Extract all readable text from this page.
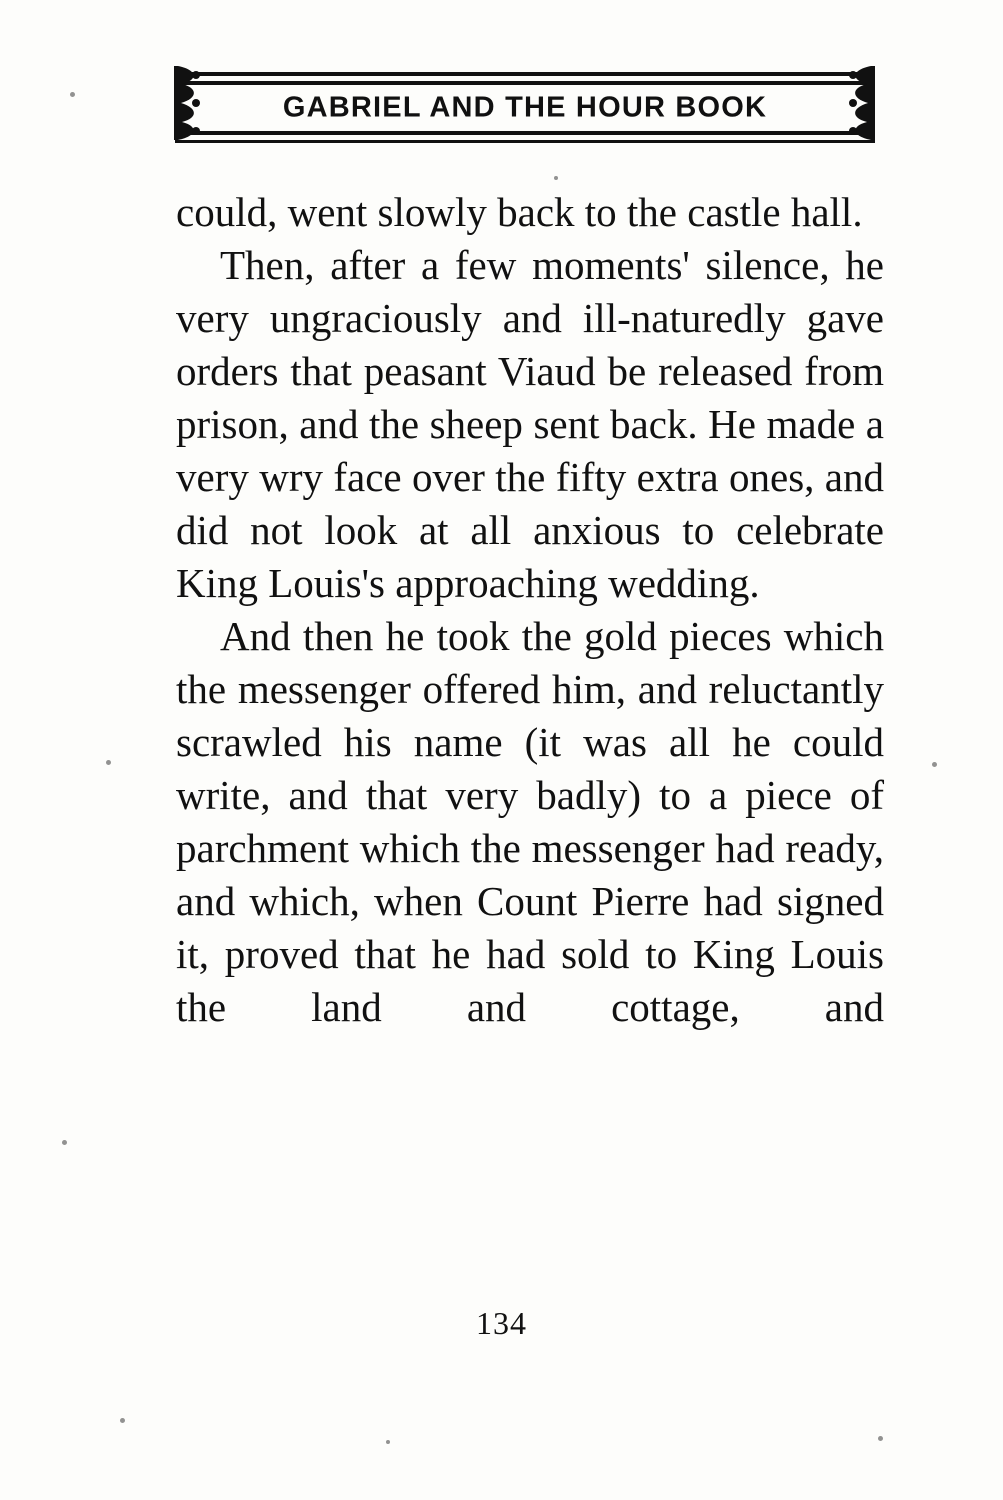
GABRIEL AND THE HOUR BOOK

could, went slowly back to the castle hall.

Then, after a few moments' silence, he very ungraciously and ill-naturedly gave orders that peasant Viaud be released from prison, and the sheep sent back. He made a very wry face over the fifty extra ones, and did not look at all anxious to celebrate King Louis's approaching wedding.

And then he took the gold pieces which the messenger offered him, and reluctantly scrawled his name (it was all he could write, and that very badly) to a piece of parchment which the messenger had ready, and which, when Count Pierre had signed it, proved that he had sold to King Louis the land and cottage, and

134
